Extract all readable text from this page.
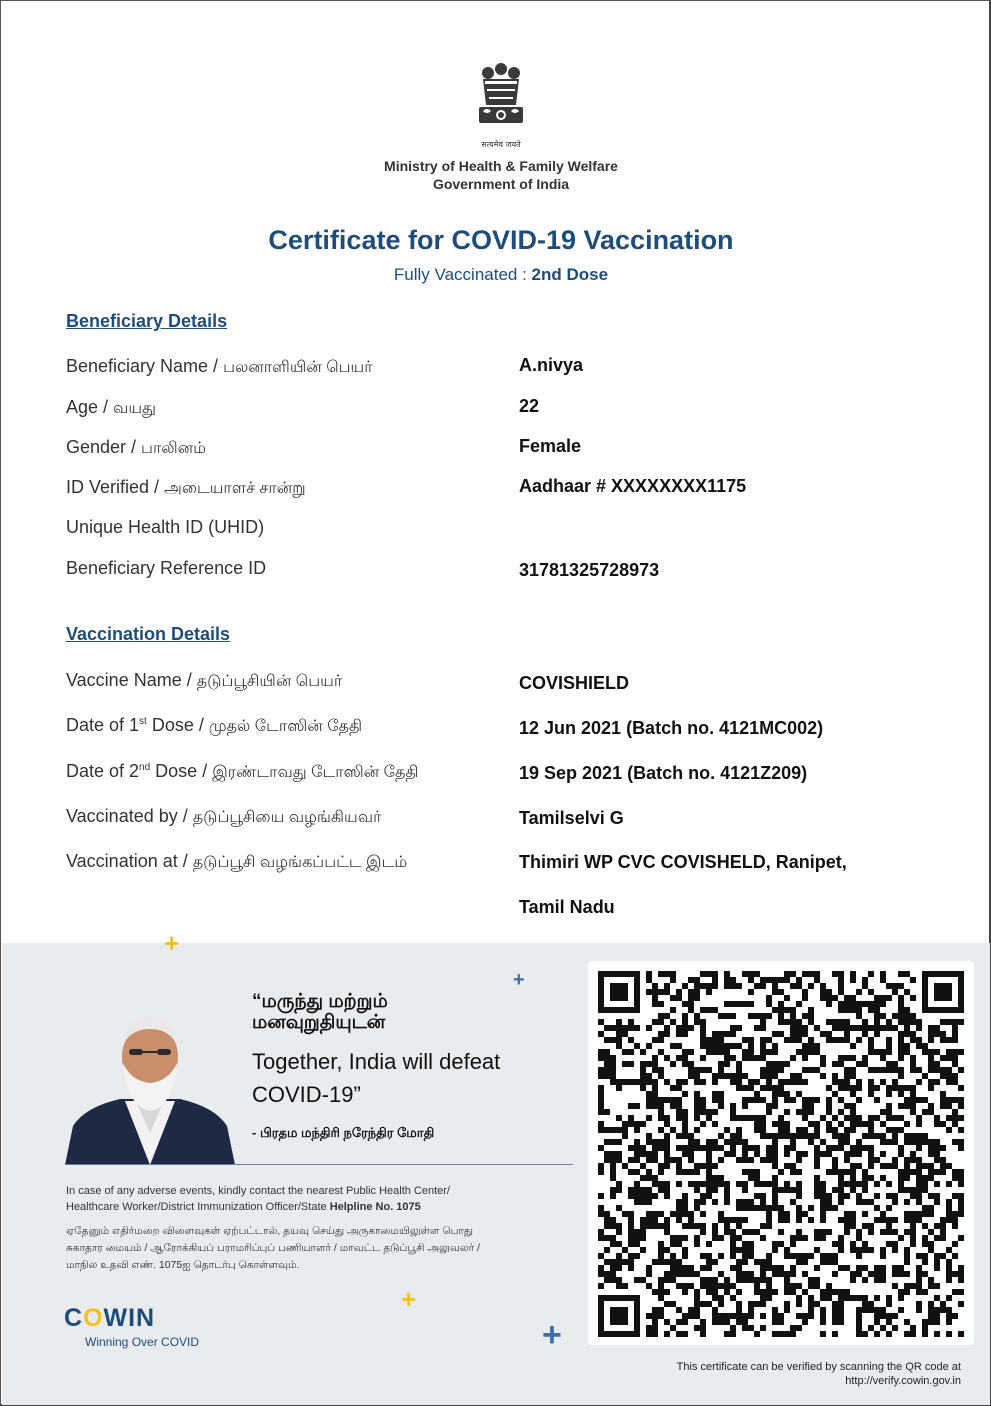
सत्यमेव जयते
Ministry of Health & Family Welfare
Government of India
Certificate for COVID-19 Vaccination
Fully Vaccinated : 2nd Dose
Beneficiary Details
Beneficiary Name / பலனாளியின் பெயர்	A.nivya
Age / வயது	22
Gender / பாலினம்	Female
ID Verified / அடையாளச் சான்று	Aadhaar # XXXXXXXX1175
Unique Health ID (UHID)
Beneficiary Reference ID	31781325728973
Vaccination Details
Vaccine Name / தடுப்பூசியின் பெயர்	COVISHIELD
Date of 1st Dose / முதல் டோஸின் தேதி	12 Jun 2021 (Batch no. 4121MC002)
Date of 2nd Dose / இரண்டாவது டோஸின் தேதி	19 Sep 2021 (Batch no. 4121Z209)
Vaccinated by / தடுப்பூசியை வழங்கியவர்	Tamilselvi G
Vaccination at / தடுப்பூசி வழங்கப்பட்ட இடம்	Thimiri WP CVC COVISHELD, Ranipet,
Tamil Nadu
+
+
+
+
“மருந்து மற்றும்
மனவுறுதியுடன்
Together, India will defeat
COVID-19”
- பிரதம மந்திரி நரேந்திர மோதி
In case of any adverse events, kindly contact the nearest Public Health Center/
Healthcare Worker/District Immunization Officer/State Helpline No. 1075
ஏதேனும் எதிர்மறை விளைவுகள் ஏற்பட்டால், தயவு செய்து அருகாமையிலுள்ள பொது
சுகாதார மையம் / ஆரோக்கியப் பராமரிப்புப் பணியாளர் / மாவட்ட தடுப்பூசி அலுவலர் /
மாநில உதவி எண். 1075ஐ தொடர்பு கொள்ளவும்.
COWIN
Winning Over COVID
This certificate can be verified by scanning the QR code at
http://verify.cowin.gov.in
